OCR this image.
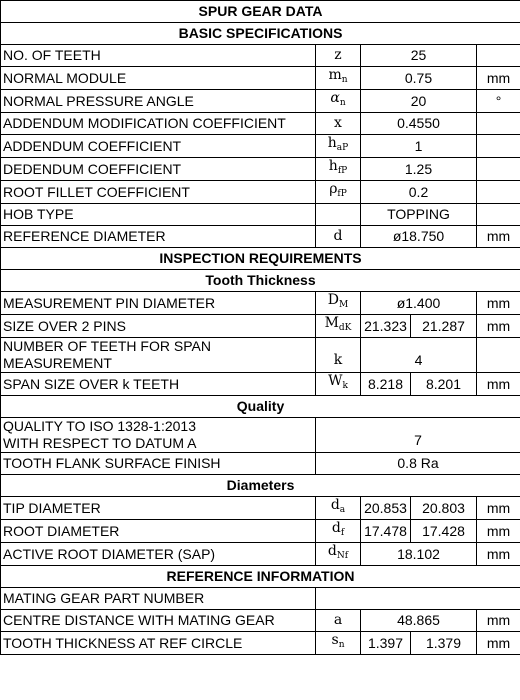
SPUR GEAR DATA				
BASIC SPECIFICATIONS				
NO. OF TEETH	z	25		
NORMAL MODULE	$m_n$	0.75		mm
NORMAL PRESSURE ANGLE	$\alpha_n$	20		°
ADDENDUM MODIFICATION COEFFICIENT	x	0.4550		
ADDENDUM COEFFICIENT	$h_{aP}$	1		
DEDENDUM COEFFICIENT	$h_{fP}$	1.25		
ROOT FILLET COEFFICIENT	$\rho_{fP}$	0.2		
HOB TYPE		TOPPING		
REFERENCE DIAMETER	d	ø18.750		mm
INSPECTION REQUIREMENTS				
Tooth Thickness				
MEASUREMENT PIN DIAMETER	$D_M$	ø1.400		mm
SIZE OVER 2 PINS	$M_{dK}$	21.323	21.287	mm

NUMBER OF TEETH FOR SPAN
MEASUREMENT	k	4		
SPAN SIZE OVER k TEETH	$W_k$	8.218	8.201	mm
Quality				

QUALITY TO ISO 1328-1:2013
WITH RESPECT TO DATUM A	7			
TOOTH FLANK SURFACE FINISH	0.8 Ra			
Diameters				
TIP DIAMETER	$d_a$	20.853	20.803	mm
ROOT DIAMETER	$d_f$	17.478	17.428	mm
ACTIVE ROOT DIAMETER (SAP)	$d_{Nf}$	18.102		mm
REFERENCE INFORMATION				
MATING GEAR PART NUMBER				
CENTRE DISTANCE WITH MATING GEAR	a	48.865		mm
TOOTH THICKNESS AT REF CIRCLE	$s_n$	1.397	1.379	mm
